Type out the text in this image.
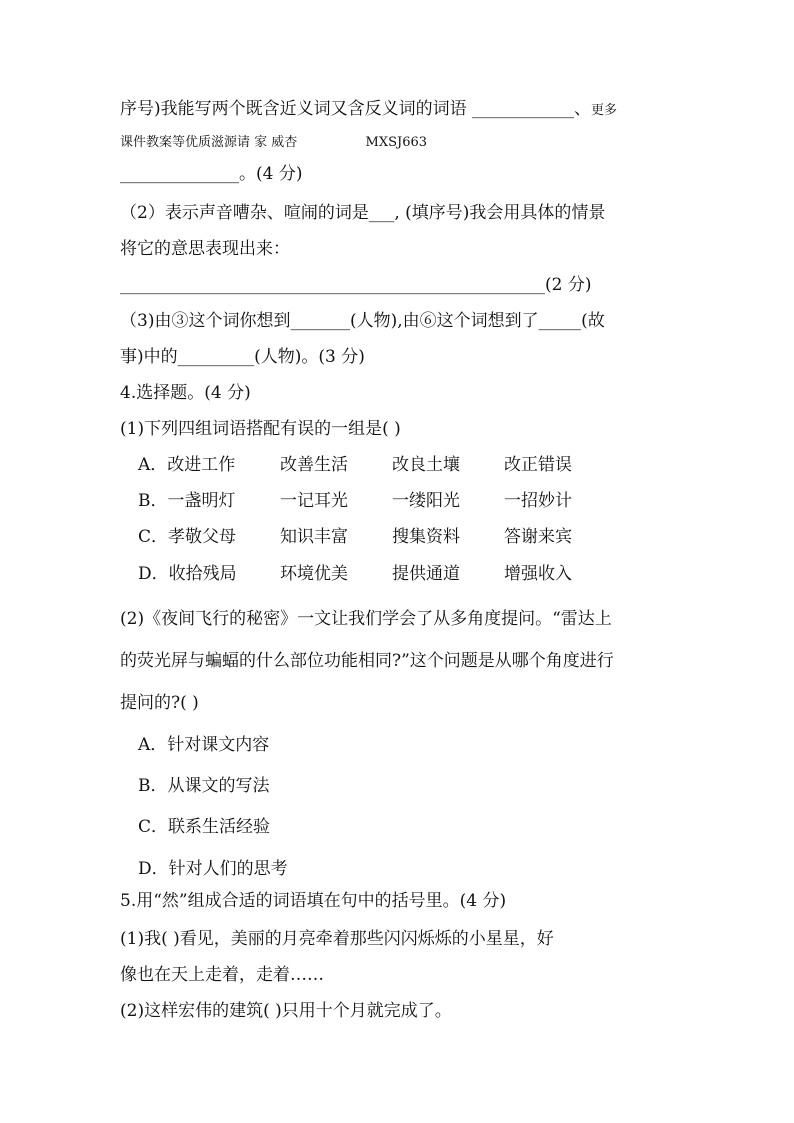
序号)我能写两个既含近义词又含反义词的词语 ____________、更多
课件教案等优质滋源请 家 威杏	MXSJ663
______________。(4 分)
（2）表示声音嘈杂、喧闹的词是___, (填序号)我会用具体的情景
将它的意思表现出来：
__________________________________________________(2 分)
（3)由③这个词你想到_______(人物),由⑥这个词想到了_____(故
事)中的_________(人物)。(3 分)
4.选择题。(4 分)
(1)下列四组词语搭配有误的一组是( )
A．改进工作	改善生活	改良土壤	改正错误
B．一盏明灯	一记耳光	一缕阳光	一招妙计
C．孝敬父母	知识丰富	搜集资料	答谢来宾
D．收拾残局	环境优美	提供通道	增强收入
(2)《夜间飞行的秘密》一文让我们学会了从多角度提问。“雷达上
的荧光屏与蝙蝠的什么部位功能相同?”这个问题是从哪个角度进行
提问的?( )
A．针对课文内容
B．从课文的写法
C．联系生活经验
D．针对人们的思考
5.用“然”组成合适的词语填在句中的括号里。(4 分)
(1)我( )看见，美丽的月亮牵着那些闪闪烁烁的小星星，好
像也在天上走着，走着……
(2)这样宏伟的建筑( )只用十个月就完成了。
